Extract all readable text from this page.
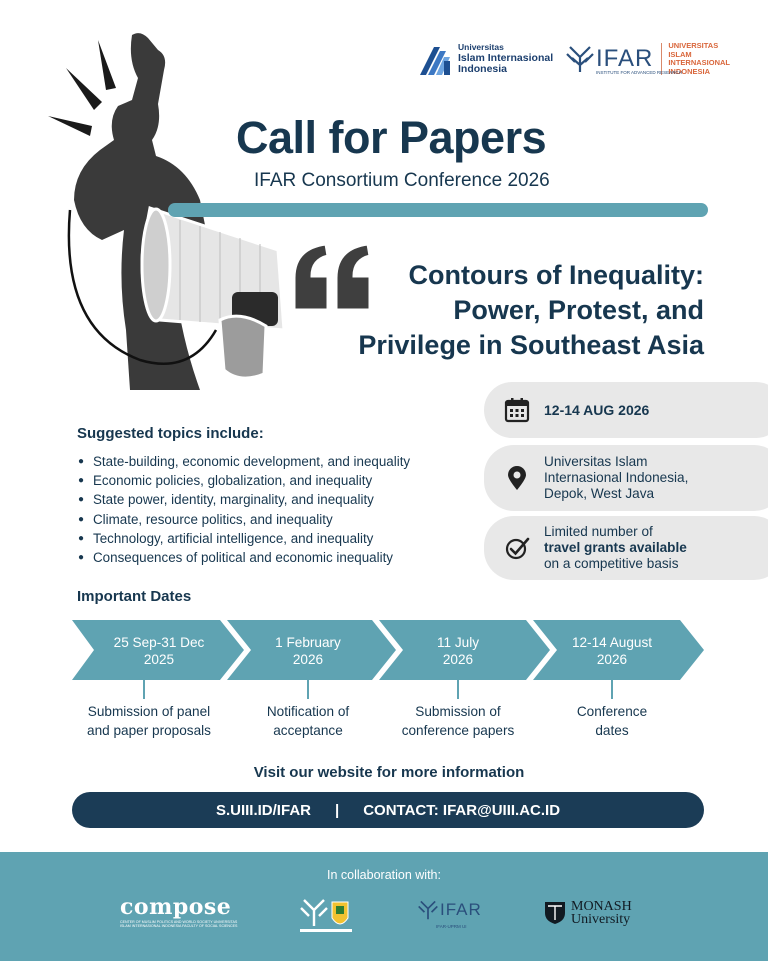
Universitas
Islam Internasional
Indonesia	IFAR
INSTITUTE FOR ADVANCED RESEARCH
UNIVERSITAS
ISLAM
INTERNASIONAL
INDONESIA
Call for Papers
IFAR Consortium Conference 2026
Contours of Inequality:
Power, Protest, and
Privilege in Southeast Asia
Suggested topics include:
● State-building, economic development, and inequality
● Economic policies, globalization, and inequality
● State power, identity, marginality, and inequality
● Climate, resource politics, and inequality
● Technology, artificial intelligence, and inequality
● Consequences of political and economic inequality
12-14 AUG 2026
Universitas Islam
Internasional Indonesia,
Depok, West Java
Limited number of
travel grants available
on a competitive basis
Important Dates
25 Sep-31 Dec
2025
1 February
2026
11 July
2026
12-14 August
2026
Submission of panel
and paper proposals
Notification of
acceptance
Submission of
conference papers
Conference
dates
Visit our website for more information
S.UIII.ID/IFAR | CONTACT: IFAR@UIII.AC.ID
In collaboration with:
compose
CENTER OF MUSLIM POLITICS AND WORLD SOCIETY UNIVERSITAS ISLAM INTERNASIONAL INDONESIA FACULTY OF SOCIAL SCIENCES
IFAR
IFAR-UPRM UI
MONASH
University
